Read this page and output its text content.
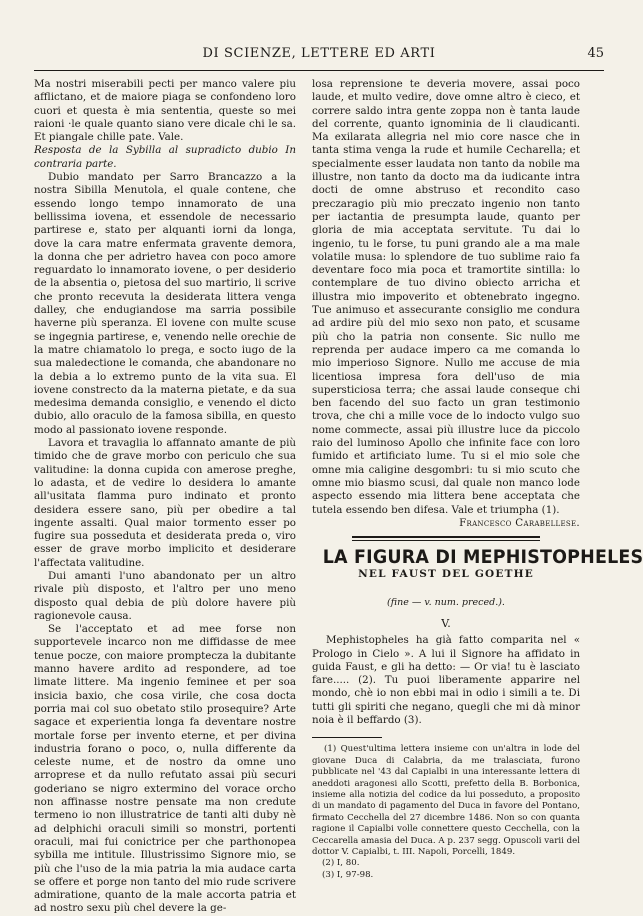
DI SCIENZE, LETTERE ED ARTI	45

Ma nostri miserabili pecti per manco valere piu afflictano, et de maiore piaga se confondeno loro cuori et questa è mia sententia, queste so mei raioni ·le quale quanto siano vere dicale chi le sa. Et piangale chille pate. Vale.

Resposta de la Sybilla al supradicto dubio In contraria parte.

Dubio mandato per Sarro Brancazzo a la nostra Sibilla Menutola, el quale contene, che essendo longo tempo innamorato de una bellissima iovena, et essendole de necessario partirese e, stato per alquanti iorni da longa, dove la cara matre enfermata gravente demora, la donna che per adrietro havea con poco amore reguardato lo innamorato iovene, o per desiderio de la absentia o, pietosa del suo martirio, li scrive che pronto recevuta la desiderata littera venga dalley, che endugiandose ma sarria possibile haverne più speranza. El iovene con multe scuse se ingegnia partirese, e, venendo nelle orechie de la matre chiamatolo lo prega, e socto iugo de la sua maledectione le comanda, che abandonare no la debia a lo extremo punto de la vita sua. El iovene constrecto da la materna pietate, e da sua medesima demanda consiglio, e venendo el dicto dubio, allo oraculo de la famosa sibilla, en questo modo al passionato iovene responde.

Lavora et travaglia lo affannato amante de più timido che de grave morbo con periculo che sua valitudine: la donna cupida con amerose preghe, lo adasta, et de vedire lo desidera lo amante all'usitata flamma puro indinato et pronto desidera essere sano, più per obedire a tal ingente assalti. Qual maior tormento esser po fugire sua posseduta et desiderata preda o, viro esser de grave morbo implicito et desiderare l'affectata valitudine.

Dui amanti l'uno abandonato per un altro rivale più disposto, et l'altro per uno meno disposto qual debia de più dolore havere più ragionevole causa.

Se l'acceptato et ad mee forse non supportevele incarco non me diffidasse de mee tenue pocze, con maiore promptecza la dubitante manno havere ardito ad respondere, ad toe limate littere. Ma ingenio feminee et per soa insicia baxio, che cosa virile, che cosa docta porria mai col suo obetato stilo prosequire? Arte sagace et experientia longa fa deventare nostre mortale forse per invento eterne, et per divina industria forano o poco, o, nulla differente da celeste nume, et de nostro da omne uno arroprese et da nullo refutato assai più securi goderiano se nigro extermino del vorace orcho non affinasse nostre pensate ma non credute termeno io non illustratrice de tanti alti duby nè ad delphichi oraculi simili so monstri, portenti oraculi, mai fui conictrice per che parthonopea sybilla me intitule. Illustrissimo Signore mio, se più che l'uso de la mia patria la mia audace carta se offere et porge non tanto del mio rude scrivere admiratione, quanto de la male accorta patria et ad nostro sexu più chel devere la ge-

losa reprensione te deveria movere, assai poco laude, et multo vedire, dove omne altro è cieco, et correre saldo intra gente zoppa non è tanta laude del corrente, quanto ignominia de li claudicanti. Ma exilarata allegria nel mio core nasce che in tanta stima venga la rude et humile Cecharella; et specialmente esser laudata non tanto da nobile ma illustre, non tanto da docto ma da iudicante intra docti de omne abstruso et recondito caso preczaragio più mio preczato ingenio non tanto per iactantia de presumpta laude, quanto per gloria de mia acceptata servitute. Tu dai lo ingenio, tu le forse, tu puni grando ale a ma male volatile musa: lo splendore de tuo sublime raio fa deventare foco mia poca et tramortite sintilla: lo contemplare de tuo divino obiecto arricha et illustra mio impoverito et obtenebrato ingegno. Tue animuso et assecurante consiglio me condura ad ardire più del mio sexo non pato, et scusame più cho la patria non consente. Sic nullo me reprenda per audace impero ca me comanda lo mio imperioso Signore. Nullo me accuse de mia licentiosa impresa fora dell'uso de mia supersticiosa terra; che assai laude conseque chi ben facendo del suo facto un gran testimonio trova, che chi a mille voce de lo indocto vulgo suo nome commecte, assai più illustre luce da piccolo raio del luminoso Apollo che infinite face con loro fumido et artificiato lume. Tu si el mio sole che omne mia caligine desgombri: tu si mio scuto che omne mio biasmo scusi, dal quale non manco lode aspecto essendo mia littera bene acceptata che tutela essendo ben difesa. Vale et triumpha (1).

Francesco Carabellese.

LA FIGURA DI MEPHISTOPHELES
NEL FAUST DEL GOETHE
(fine — v. num. preced.).
V.

Mephistopheles ha già fatto comparita nel « Prologo in Cielo ». A lui il Signore ha affidato in guida Faust, e gli ha detto: — Or via! tu è lasciato fare..... (2). Tu puoi liberamente apparire nel mondo, chè io non ebbi mai in odio i simili a te. Di tutti gli spiriti che negano, quegli che mi dà minor noia è il beffardo (3).

(1) Quest'ultima lettera insieme con un'altra in lode del giovane Duca di Calabria, da me tralasciata, furono pubblicate nel '43 dal Capialbi in una interessante lettera di aneddoti aragonesi allo Scotti, prefetto della B. Borbonica, insieme alla notizia del codice da lui posseduto, a proposito di un mandato di pagamento del Duca in favore del Pontano, firmato Cecchella del 27 dicembre 1486. Non so con quanta ragione il Capialbi volle connettere questo Cecchella, con la Ceccarella amasia del Duca. A p. 237 segg. Opuscoli varii del dottor V. Capialbi, t. III. Napoli, Porcelli, 1849.

(2) I, 80.

(3) I, 97-98.
